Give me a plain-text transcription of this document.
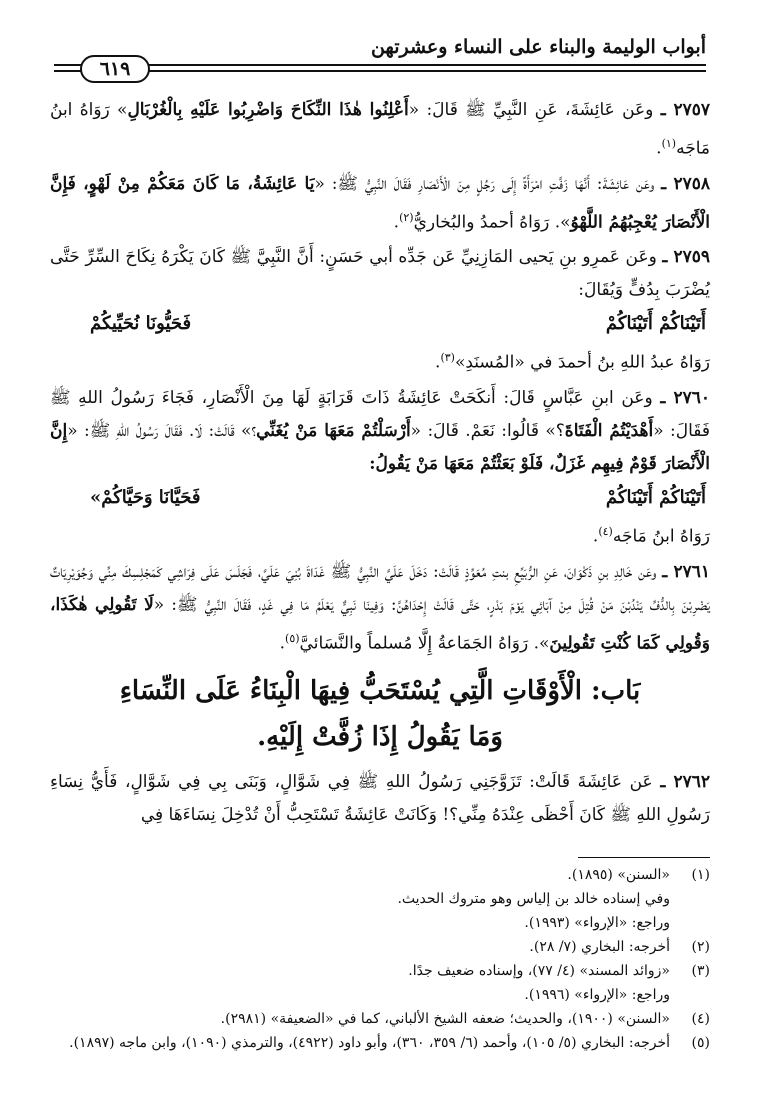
أبواب الوليمة والبناء على النساء وعشرتهن
٦١٩

٢٧٥٧ ـ وعَن عَائِشَةَ، عَنِ النَّبِيِّ ﷺ قَالَ: «أَعْلِنُوا هٰذَا النِّكَاحَ وَاضْرِبُوا عَلَيْهِ بِالْغُرْبَالِ» رَوَاهُ ابنُ مَاجَه$^{(١)}$.

٢٧٥٨ ـ وعَن عَائِشَةَ: أَنَّهَا زَفَّتِ امْرَأَةً إِلَى رَجُلٍ مِنَ الْأَنْصَارِ فَقَالَ النَّبِيُّ ﷺ: «يَا عَائِشَةُ، مَا كَانَ مَعَكُمْ مِنْ لَهْوٍ، فَإِنَّ الْأَنْصَارَ يُعْجِبُهُمُ اللَّهْوُ». رَوَاهُ أحمدُ والبُخاريُّ$^{(٢)}$.

٢٧٥٩ ـ وعَن عَمرِو بنِ يَحيى المَازِنِيِّ عَن جَدِّه أبي حَسَنٍ: أَنَّ النَّبِيَّ ﷺ كَانَ يَكْرَهُ نِكَاحَ السِّرِّ حَتَّى يُضْرَبَ بِدُفٍّ وَيُقَالَ:

أَتَيْنَاكُمْ أَتَيْنَاكُمْ
فَحَيُّونَا نُحَيِّيكُمْ

رَوَاهُ عبدُ اللهِ بنُ أحمدَ في «المُسنَدِ»$^{(٣)}$.

٢٧٦٠ ـ وعَن ابنِ عَبَّاسٍ قَالَ: أَنكَحَتْ عَائِشَةُ ذَاتَ قَرَابَةٍ لَهَا مِنَ الْأَنْصَارِ، فَجَاءَ رَسُولُ اللهِ ﷺ فَقَالَ: «أَهْدَيْتُمُ الْفَتَاةَ؟» قَالُوا: نَعَمْ. قَالَ: «أَرْسَلْتُمْ مَعَهَا مَنْ يُغَنِّي؟» قَالَتْ: لَا. فَقَالَ رَسُولُ اللهِ ﷺ: «إِنَّ الْأَنْصَارَ قَوْمٌ فِيهِم غَزَلٌ، فَلَوْ بَعَثْتُمْ مَعَهَا مَنْ يَقُولُ:

أَتَيْنَاكُمْ أَتَيْنَاكُمْ
فَحَيَّانَا وَحَيَّاكُمْ»

رَوَاهُ ابنُ مَاجَه$^{(٤)}$.

٢٧٦١ ـ وعَن خَالِدِ بنِ ذَكْوَانَ، عَنِ الرُّبَيِّعِ بنتِ مُعَوِّذٍ قَالَتْ: دَخَلَ عَلَيَّ النَّبِيُّ ﷺ غَدَاةَ بُنِيَ عَلَيَّ، فَجَلَسَ عَلَى فِرَاشِي كَمَجْلِسِكَ مِنِّي وَجُوَيْرِيَاتٌ يَضْرِبْنَ بِالدُّفِّ يَنْدُبْنَ مَنْ قُتِلَ مِنْ آبَائِي يَوْمَ بَدْرٍ، حَتَّى قَالَتْ إِحْدَاهُنَّ: وَفِينَا نَبِيٌّ يَعْلَمُ مَا فِي غَدٍ، فَقَالَ النَّبِيُّ ﷺ: «لَا تَقُولِي هٰكَذَا، وَقُولِي كَمَا كُنْتِ تَقُولِينَ». رَوَاهُ الجَمَاعةُ إِلَّا مُسلماً والنَّسَائيَّ$^{(٥)}$.

بَاب: الْأَوْقَاتِ الَّتِي يُسْتَحَبُّ فِيهَا الْبِنَاءُ عَلَى النِّسَاءِ
وَمَا يَقُولُ إِذَا زُفَّتْ إِلَيْهِ.

٢٧٦٢ ـ عَن عَائِشَةَ قَالَتْ: تَزَوَّجَنِي رَسُولُ اللهِ ﷺ فِي شَوَّالٍ، وَبَنَى بِي فِي شَوَّالٍ، فَأَيُّ نِسَاءِ رَسُولِ اللهِ ﷺ كَانَ أَحْظَى عِنْدَهُ مِنِّي؟! وَكَانَتْ عَائِشَةُ تَسْتَحِبُّ أَنْ تُدْخِلَ نِسَاءَهَا فِي

(١)

«السنن» (١٨٩٥).

وفي إسناده خالد بن إلياس وهو متروك الحديث.

وراجع: «الإرواء» (١٩٩٣).

(٢)

أخرجه: البخاري (٧/ ٢٨).

(٣)

«زوائد المسند» (٤/ ٧٧)، وإسناده ضعيف جدًا.

وراجع: «الإرواء» (١٩٩٦).

(٤)

«السنن» (١٩٠٠)، والحديث؛ ضعفه الشيخ الألباني، كما في «الضعيفة» (٢٩٨١).

(٥)

أخرجه: البخاري (٥/ ١٠٥)، وأحمد (٦/ ٣٥٩، ٣٦٠)، وأبو داود (٤٩٢٢)، والترمذي (١٠٩٠)، وابن ماجه (١٨٩٧).
